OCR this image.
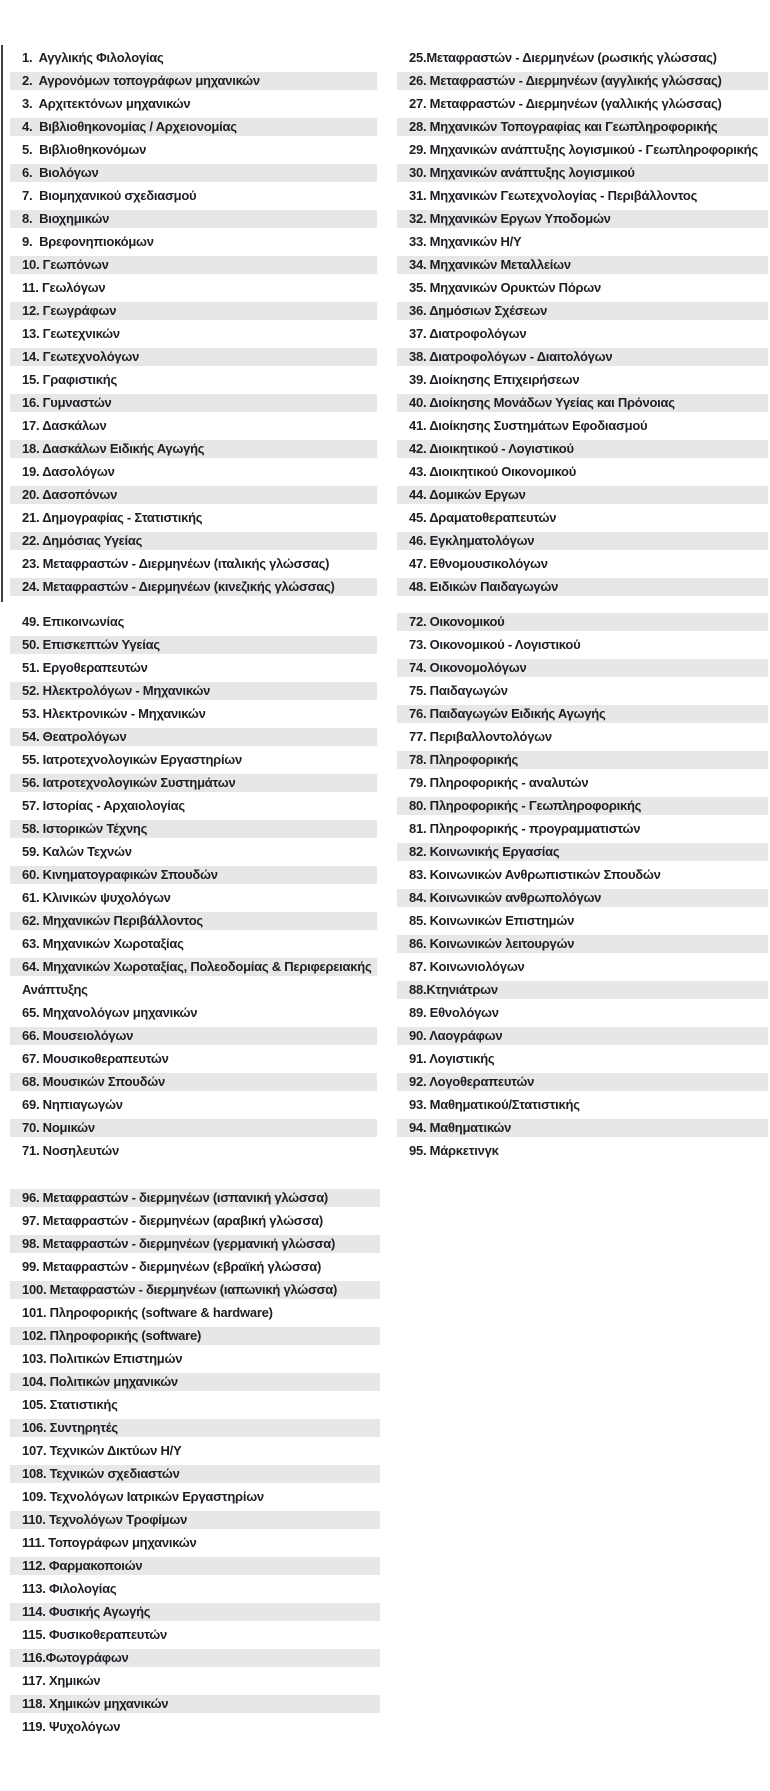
1.  Αγγλικής Φιλολογίας
2.  Αγρονόμων τοπογράφων μηχανικών
3.  Αρχιτεκτόνων μηχανικών
4.  Βιβλιοθηκονομίας / Αρχειονομίας
5.  Βιβλιοθηκονόμων
6.  Βιολόγων
7.  Βιομηχανικού σχεδιασμού
8.  Βιοχημικών
9.  Βρεφονηπιοκόμων
10. Γεωπόνων
11. Γεωλόγων
12. Γεωγράφων
13. Γεωτεχνικών
14. Γεωτεχνολόγων
15. Γραφιστικής
16. Γυμναστών
17. Δασκάλων
18. Δασκάλων Ειδικής Αγωγής
19. Δασολόγων
20. Δασοπόνων
21. Δημογραφίας - Στατιστικής
22. Δημόσιας Υγείας
23. Μεταφραστών - Διερμηνέων (ιταλικής γλώσσας)
24. Μεταφραστών - Διερμηνέων (κινεζικής γλώσσας)
25.Μεταφραστών - Διερμηνέων (ρωσικής γλώσσας)
26. Μεταφραστών - Διερμηνέων (αγγλικής γλώσσας)
27. Μεταφραστών - Διερμηνέων (γαλλικής γλώσσας)
28. Μηχανικών Τοπογραφίας και Γεωπληροφορικής
29. Μηχανικών ανάπτυξης λογισμικού - Γεωπληροφορικής
30. Μηχανικών ανάπτυξης λογισμικού
31. Μηχανικών Γεωτεχνολογίας - Περιβάλλοντος
32. Μηχανικών Εργων Υποδομών
33. Μηχανικών Η/Υ
34. Μηχανικών Μεταλλείων
35. Μηχανικών Ορυκτών Πόρων
36. Δημόσιων Σχέσεων
37. Διατροφολόγων
38. Διατροφολόγων - Διαιτολόγων
39. Διοίκησης Επιχειρήσεων
40. Διοίκησης Μονάδων Υγείας και Πρόνοιας
41. Διοίκησης Συστημάτων Εφοδιασμού
42. Διοικητικού - Λογιστικού
43. Διοικητικού Οικονομικού
44. Δομικών Εργων
45. Δραματοθεραπευτών
46. Εγκληματολόγων
47. Εθνομουσικολόγων
48. Ειδικών Παιδαγωγών
49. Επικοινωνίας
50. Επισκεπτών Υγείας
51. Εργοθεραπευτών
52. Ηλεκτρολόγων - Μηχανικών
53. Ηλεκτρονικών - Μηχανικών
54. Θεατρολόγων
55. Ιατροτεχνολογικών Εργαστηρίων
56. Ιατροτεχνολογικών Συστημάτων
57. Ιστορίας - Αρχαιολογίας
58. Ιστορικών Τέχνης
59. Καλών Τεχνών
60. Κινηματογραφικών Σπουδών
61. Κλινικών ψυχολόγων
62. Μηχανικών Περιβάλλοντος
63. Μηχανικών Χωροταξίας
64. Μηχανικών Χωροταξίας, Πολεοδομίας & Περιφερειακής
Ανάπτυξης
65. Μηχανολόγων μηχανικών
66. Μουσειολόγων
67. Μουσικοθεραπευτών
68. Μουσικών Σπουδών
69. Νηπιαγωγών
70. Νομικών
71. Νοσηλευτών
72. Οικονομικού
73. Οικονομικού - Λογιστικού
74. Οικονομολόγων
75. Παιδαγωγών
76. Παιδαγωγών Ειδικής Αγωγής
77. Περιβαλλοντολόγων
78. Πληροφορικής
79. Πληροφορικής - αναλυτών
80. Πληροφορικής - Γεωπληροφορικής
81. Πληροφορικής - προγραμματιστών
82. Κοινωνικής Εργασίας
83. Κοινωνικών Ανθρωπιστικών Σπουδών
84. Κοινωνικών ανθρωπολόγων
85. Κοινωνικών Επιστημών
86. Κοινωνικών λειτουργών
87. Κοινωνιολόγων
88.Κτηνιάτρων
89. Εθνολόγων
90. Λαογράφων
91. Λογιστικής
92. Λογοθεραπευτών
93. Μαθηματικού/Στατιστικής
94. Μαθηματικών
95. Μάρκετινγκ
96. Μεταφραστών - διερμηνέων (ισπανική γλώσσα)
97. Μεταφραστών - διερμηνέων (αραβική γλώσσα)
98. Μεταφραστών - διερμηνέων (γερμανική γλώσσα)
99. Μεταφραστών - διερμηνέων (εβραϊκή γλώσσα)
100. Μεταφραστών - διερμηνέων (ιαπωνική γλώσσα)
101. Πληροφορικής (software & hardware)
102. Πληροφορικής (software)
103. Πολιτικών Επιστημών
104. Πολιτικών μηχανικών
105. Στατιστικής
106. Συντηρητές
107. Τεχνικών Δικτύων Η/Υ
108. Τεχνικών σχεδιαστών
109. Τεχνολόγων Ιατρικών Εργαστηρίων
110. Τεχνολόγων Τροφίμων
111. Τοπογράφων μηχανικών
112. Φαρμακοποιών
113. Φιλολογίας
114. Φυσικής Αγωγής
115. Φυσικοθεραπευτών
116.Φωτογράφων
117. Χημικών
118. Χημικών μηχανικών
119. Ψυχολόγων
